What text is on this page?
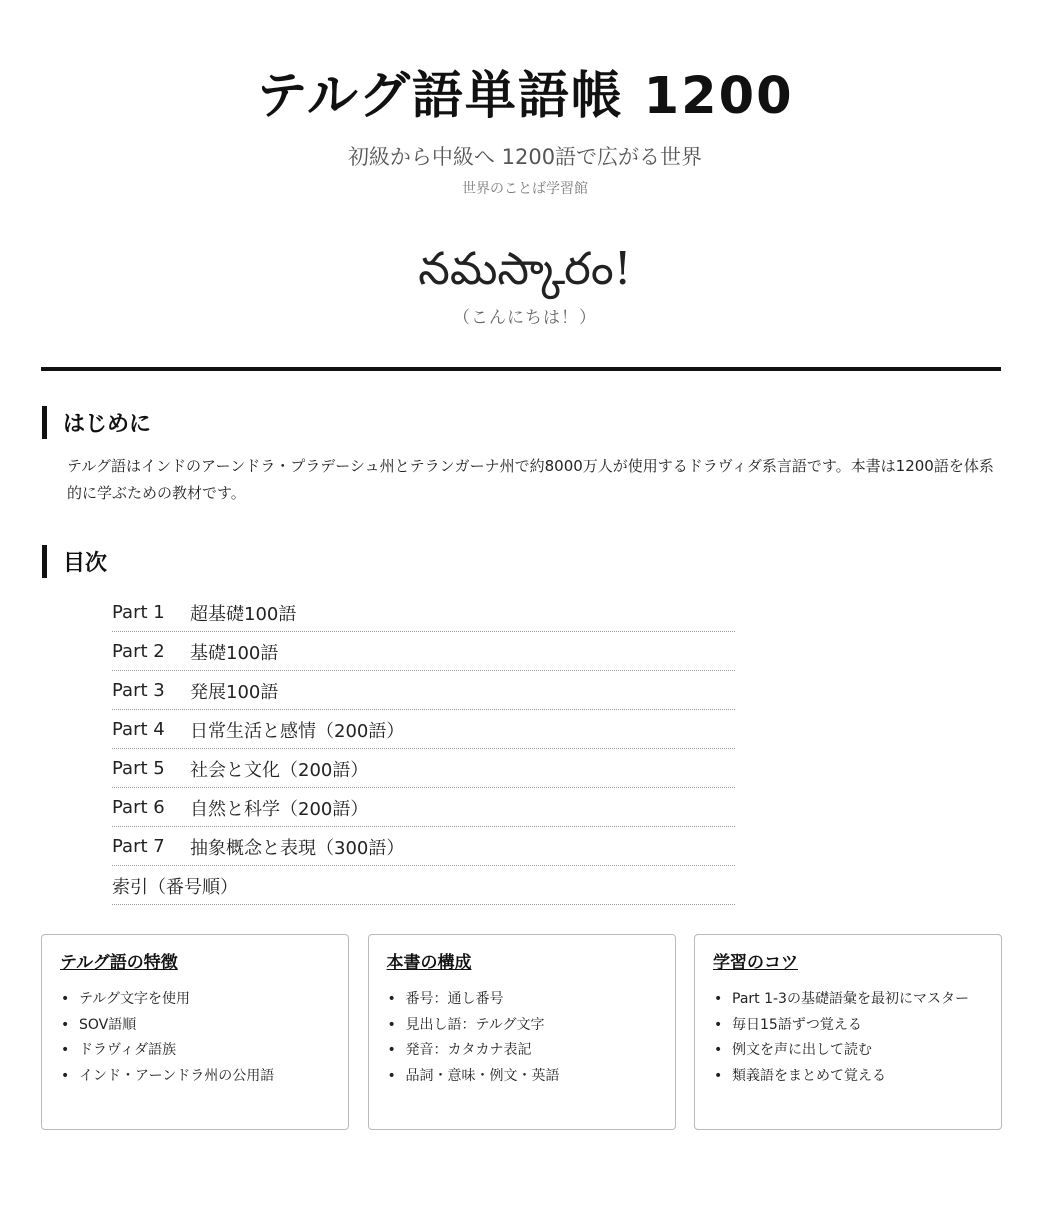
テルグ語単語帳 1200
初級から中級へ 1200語で広がる世界
世界のことば学習館
నమస్కారం!
（こんにちは！）
はじめに

テルグ語はインドのアーンドラ・プラデーシュ州とテランガーナ州で約8000万人が使用するドラヴィダ系言語です。本書は1200語を体系的に学ぶための教材です。

目次
Part 1	超基礎100語
Part 2	基礎100語
Part 3	発展100語
Part 4	日常生活と感情（200語）
Part 5	社会と文化（200語）
Part 6	自然と科学（200語）
Part 7	抽象概念と表現（300語）
索引（番号順）
テルグ語の特徴
• テルグ文字を使用
• SOV語順
• ドラヴィダ語族
• インド・アーンドラ州の公用語
本書の構成
• 番号：通し番号
• 見出し語：テルグ文字
• 発音：カタカナ表記
• 品詞・意味・例文・英語
学習のコツ
• Part 1-3の基礎語彙を最初にマスター
• 毎日15語ずつ覚える
• 例文を声に出して読む
• 類義語をまとめて覚える
